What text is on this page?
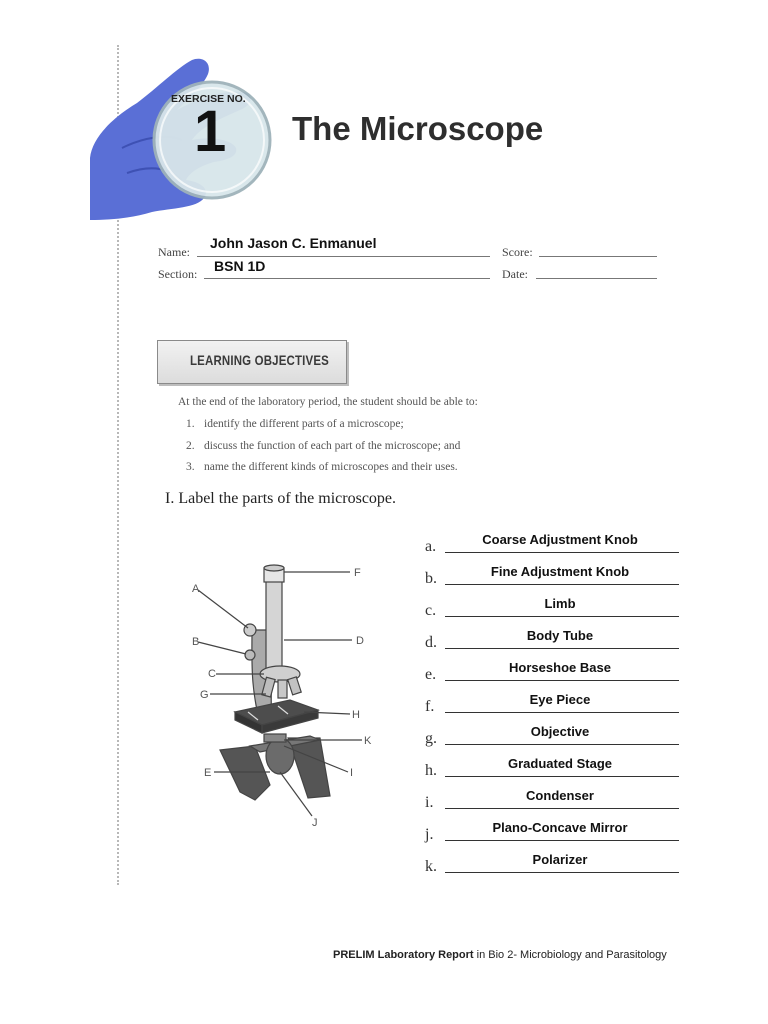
EXERCISE NO.
1 The Microscope
Name:
John Jason C. Enmanuel
Section: BSN 1D
Score:
Date:
LEARNING OBJECTIVES
At the end of the laboratory period, the student should be able to:
1. identify the different parts of a microscope;
2. discuss the function of each part of the microscope; and
3. name the different kinds of microscopes and their uses.
I. Label the parts of the microscope.
A
B
C
G
E
F
D
H
K
I
J
a.	Coarse Adjustment Knob
b.	Fine Adjustment Knob
c.	Limb
d.	Body Tube
e.	Horseshoe Base
f.	Eye Piece
g.	Objective
h.	Graduated Stage
i.	Condenser
j.	Plano-Concave Mirror
k.	Polarizer
PRELIM Laboratory Report in Bio 2- Microbiology and Parasitology
